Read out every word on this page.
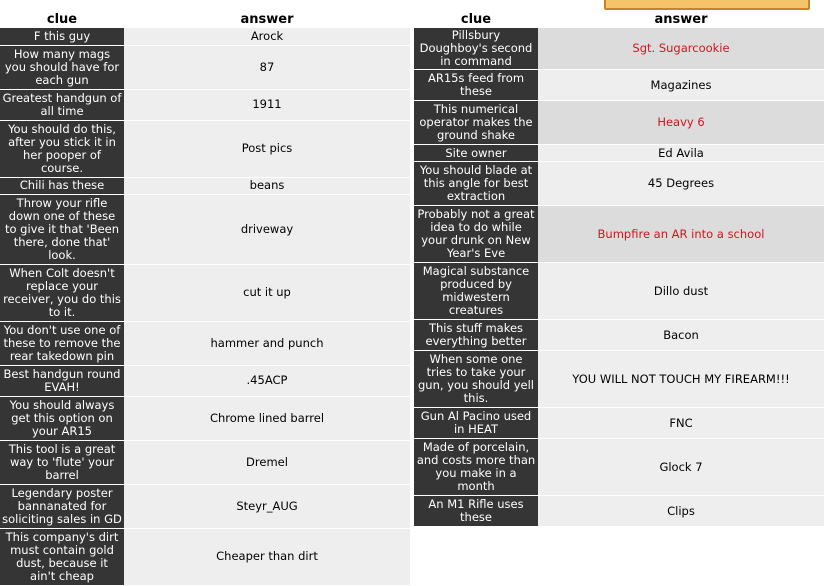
clue	answer
F this guy	Arock
How many mags you should have for each gun	87
Greatest handgun of all time	1911
You should do this, after you stick it in her pooper of course.	Post pics
Chili has these	beans
Throw your rifle down one of these to give it that 'Been there, done that' look.	driveway
When Colt doesn't replace your receiver, you do this to it.	cut it up
You don't use one of these to remove the rear takedown pin	hammer and punch
Best handgun round EVAH!	.45ACP
You should always get this option on your AR15	Chrome lined barrel
This tool is a great way to 'flute' your barrel	Dremel
Legendary poster bannanated for soliciting sales in GD	Steyr_AUG
This company's dirt must contain gold dust, because it ain't cheap	Cheaper than dirt
clue	answer
Pillsbury Doughboy's second in command	Sgt. Sugarcookie
AR15s feed from these	Magazines
This numerical operator makes the ground shake	Heavy 6
Site owner	Ed Avila
You should blade at this angle for best extraction	45 Degrees
Probably not a great idea to do while your drunk on New Year's Eve	Bumpfire an AR into a school
Magical substance produced by midwestern creatures	Dillo dust
This stuff makes everything better	Bacon
When some one tries to take your gun, you should yell this.	YOU WILL NOT TOUCH MY FIREARM!!!
Gun Al Pacino used in HEAT	FNC
Made of porcelain, and costs more than you make in a month	Glock 7
An M1 Rifle uses these	Clips
